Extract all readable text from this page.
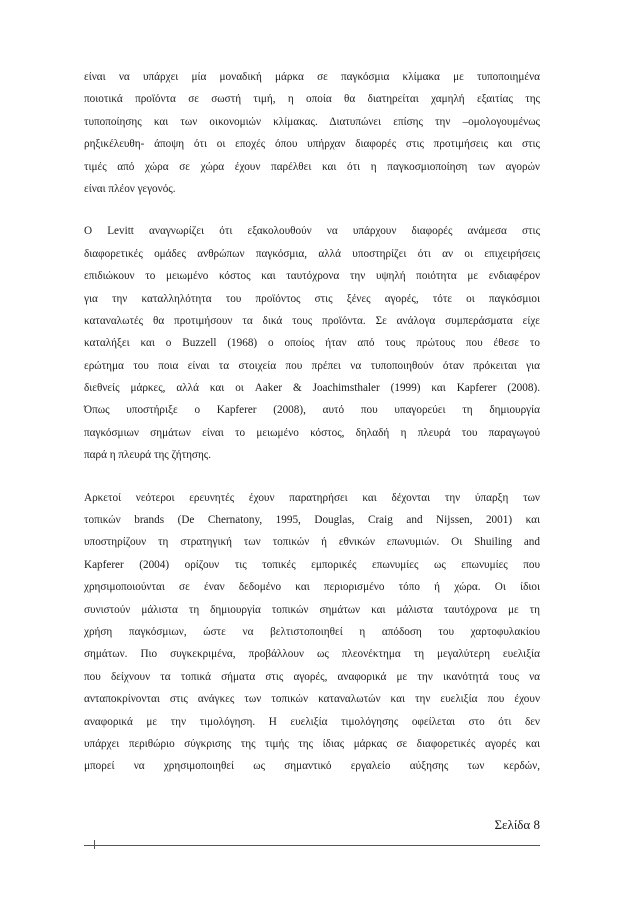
είναι να υπάρχει μία μοναδική μάρκα σε παγκόσμια κλίμακα με τυποποιημένα
ποιοτικά προϊόντα σε σωστή τιμή, η οποία θα διατηρείται χαμηλή εξαιτίας της
τυποποίησης και των οικονομιών κλίμακας. Διατυπώνει επίσης την –ομολογουμένως
ρηξικέλευθη- άποψη ότι οι εποχές όπου υπήρχαν διαφορές στις προτιμήσεις και στις
τιμές από χώρα σε χώρα έχουν παρέλθει και ότι η παγκοσμιοποίηση των αγορών
είναι πλέον γεγονός.
Ο Levitt αναγνωρίζει ότι εξακολουθούν να υπάρχουν διαφορές ανάμεσα στις
διαφορετικές ομάδες ανθρώπων παγκόσμια, αλλά υποστηρίζει ότι αν οι επιχειρήσεις
επιδιώκουν το μειωμένο κόστος και ταυτόχρονα την υψηλή ποιότητα με ενδιαφέρον
για την καταλληλότητα του προϊόντος στις ξένες αγορές, τότε οι παγκόσμιοι
καταναλωτές θα προτιμήσουν τα δικά τους προϊόντα. Σε ανάλογα συμπεράσματα είχε
καταλήξει και ο Buzzell (1968) ο οποίος ήταν από τους πρώτους που έθεσε το
ερώτημα του ποια είναι τα στοιχεία που πρέπει να τυποποιηθούν όταν πρόκειται για
διεθνείς μάρκες, αλλά και οι Aaker & Joachimsthaler (1999) και Kapferer (2008).
Όπως υποστήριξε ο Kapferer (2008), αυτό που υπαγορεύει τη δημιουργία
παγκόσμιων σημάτων είναι το μειωμένο κόστος, δηλαδή η πλευρά του παραγωγού
παρά η πλευρά της ζήτησης.
Αρκετοί νεότεροι ερευνητές έχουν παρατηρήσει και δέχονται την ύπαρξη των
τοπικών brands (De Chernatony, 1995, Douglas, Craig and Nijssen, 2001) και
υποστηρίζουν τη στρατηγική των τοπικών ή εθνικών επωνυμιών. Οι Shuiling and
Kapferer (2004) ορίζουν τις τοπικές εμπορικές επωνυμίες ως επωνυμίες που
χρησιμοποιούνται σε έναν δεδομένο και περιορισμένο τόπο ή χώρα. Οι ίδιοι
συνιστούν μάλιστα τη δημιουργία τοπικών σημάτων και μάλιστα ταυτόχρονα με τη
χρήση παγκόσμιων, ώστε να βελτιστοποιηθεί η απόδοση του χαρτοφυλακίου
σημάτων. Πιο συγκεκριμένα, προβάλλουν ως πλεονέκτημα τη μεγαλύτερη ευελιξία
που δείχνουν τα τοπικά σήματα στις αγορές, αναφορικά με την ικανότητά τους να
ανταποκρίνονται στις ανάγκες των τοπικών καταναλωτών και την ευελιξία που έχουν
αναφορικά με την τιμολόγηση. Η ευελιξία τιμολόγησης οφείλεται στο ότι δεν
υπάρχει περιθώριο σύγκρισης της τιμής της ίδιας μάρκας σε διαφορετικές αγορές και
μπορεί να χρησιμοποιηθεί ως σημαντικό εργαλείο αύξησης των κερδών,
Σελίδα 8
